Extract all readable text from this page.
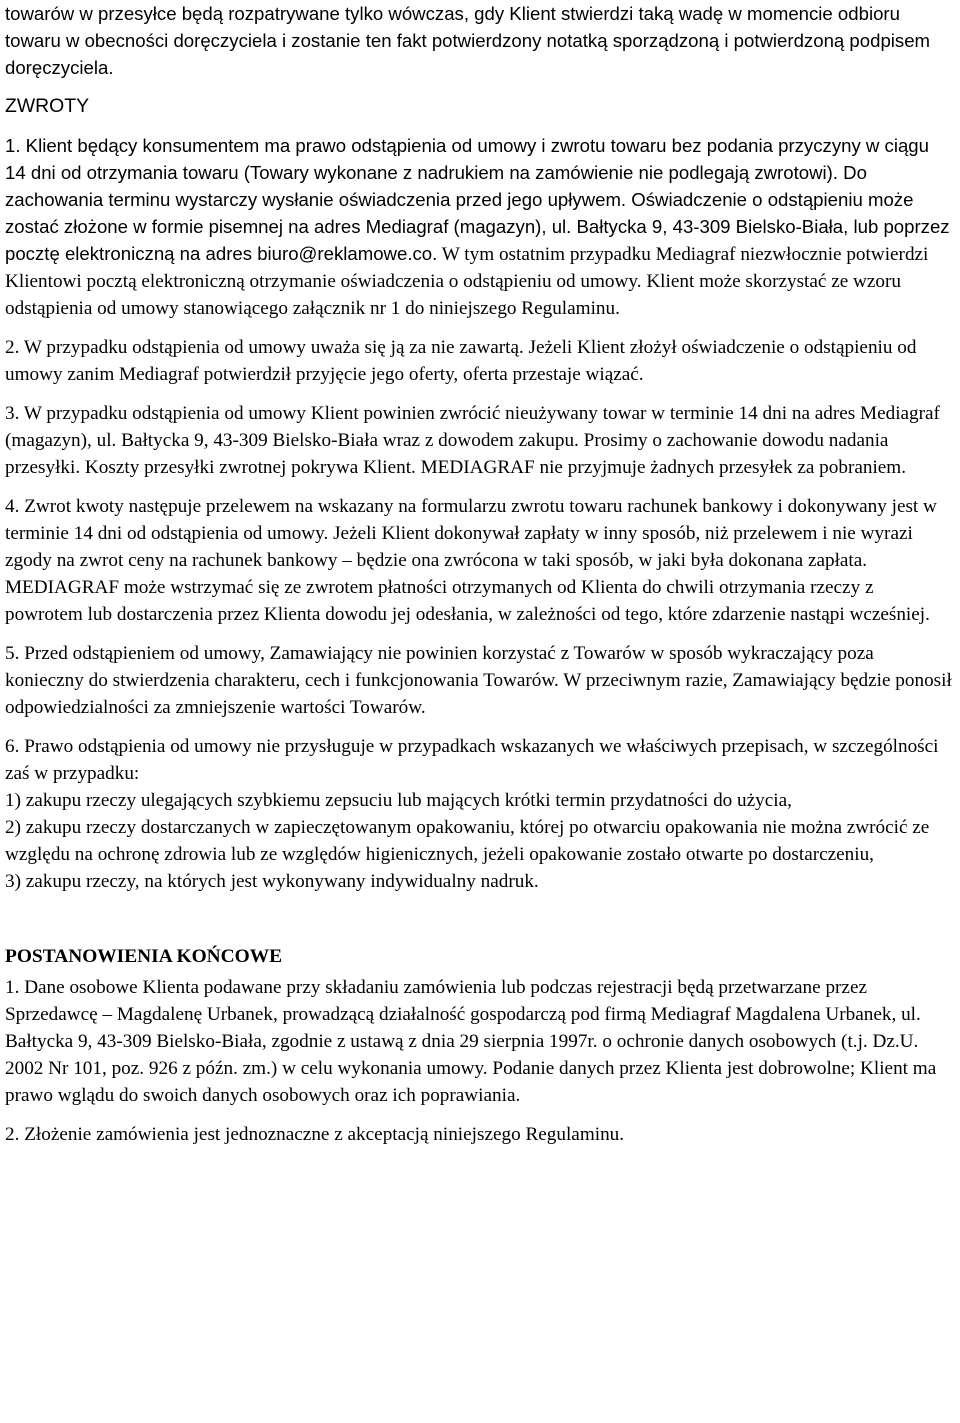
towarów w przesyłce będą rozpatrywane tylko wówczas, gdy Klient stwierdzi taką wadę w momencie odbioru towaru w obecności doręczyciela i zostanie ten fakt potwierdzony notatką sporządzoną i potwierdzoną podpisem doręczyciela.

ZWROTY

1. Klient będący konsumentem ma prawo odstąpienia od umowy i zwrotu towaru bez podania przyczyny w ciągu 14 dni od otrzymania towaru (Towary wykonane z nadrukiem na zamówienie nie podlegają zwrotowi). Do zachowania terminu wystarczy wysłanie oświadczenia przed jego upływem. Oświadczenie o odstąpieniu może zostać złożone w formie pisemnej na adres Mediagraf (magazyn), ul. Bałtycka 9, 43-309 Bielsko-Biała, lub poprzez pocztę elektroniczną na adres biuro@reklamowe.co. W tym ostatnim przypadku Mediagraf niezwłocznie potwierdzi Klientowi pocztą elektroniczną otrzymanie oświadczenia o odstąpieniu od umowy. Klient może skorzystać ze wzoru odstąpienia od umowy stanowiącego załącznik nr 1 do niniejszego Regulaminu.

2. W przypadku odstąpienia od umowy uważa się ją za nie zawartą. Jeżeli Klient złożył oświadczenie o odstąpieniu od umowy zanim Mediagraf potwierdził przyjęcie jego oferty, oferta przestaje wiązać.

3. W przypadku odstąpienia od umowy Klient powinien zwrócić nieużywany towar w terminie 14 dni na adres Mediagraf (magazyn), ul. Bałtycka 9, 43-309 Bielsko-Biała wraz z dowodem zakupu. Prosimy o zachowanie dowodu nadania przesyłki. Koszty przesyłki zwrotnej pokrywa Klient. MEDIAGRAF nie przyjmuje żadnych przesyłek za pobraniem.

4. Zwrot kwoty następuje przelewem na wskazany na formularzu zwrotu towaru rachunek bankowy i dokonywany jest w terminie 14 dni od odstąpienia od umowy. Jeżeli Klient dokonywał zapłaty w inny sposób, niż przelewem i nie wyrazi zgody na zwrot ceny na rachunek bankowy – będzie ona zwrócona w taki sposób, w jaki była dokonana zapłata. MEDIAGRAF może wstrzymać się ze zwrotem płatności otrzymanych od Klienta do chwili otrzymania rzeczy z powrotem lub dostarczenia przez Klienta dowodu jej odesłania, w zależności od tego, które zdarzenie nastąpi wcześniej.

5. Przed odstąpieniem od umowy, Zamawiający nie powinien korzystać z Towarów w sposób wykraczający poza konieczny do stwierdzenia charakteru, cech i funkcjonowania Towarów. W przeciwnym razie, Zamawiający będzie ponosił odpowiedzialności za zmniejszenie wartości Towarów.

6. Prawo odstąpienia od umowy nie przysługuje w przypadkach wskazanych we właściwych przepisach, w szczególności zaś w przypadku:

1) zakupu rzeczy ulegających szybkiemu zepsuciu lub mających krótki termin przydatności do użycia,

2) zakupu rzeczy dostarczanych w zapieczętowanym opakowaniu, której po otwarciu opakowania nie można zwrócić ze względu na ochronę zdrowia lub ze względów higienicznych, jeżeli opakowanie zostało otwarte po dostarczeniu,

3) zakupu rzeczy, na których jest wykonywany indywidualny nadruk.

POSTANOWIENIA KOŃCOWE

1. Dane osobowe Klienta podawane przy składaniu zamówienia lub podczas rejestracji będą przetwarzane przez Sprzedawcę – Magdalenę Urbanek, prowadzącą działalność gospodarczą pod firmą Mediagraf Magdalena Urbanek, ul. Bałtycka 9, 43-309 Bielsko-Biała, zgodnie z ustawą z dnia 29 sierpnia 1997r. o ochronie danych osobowych (t.j. Dz.U. 2002 Nr 101, poz. 926 z późn. zm.) w celu wykonania umowy. Podanie danych przez Klienta jest dobrowolne; Klient ma prawo wglądu do swoich danych osobowych oraz ich poprawiania.

2. Złożenie zamówienia jest jednoznaczne z akceptacją niniejszego Regulaminu.
